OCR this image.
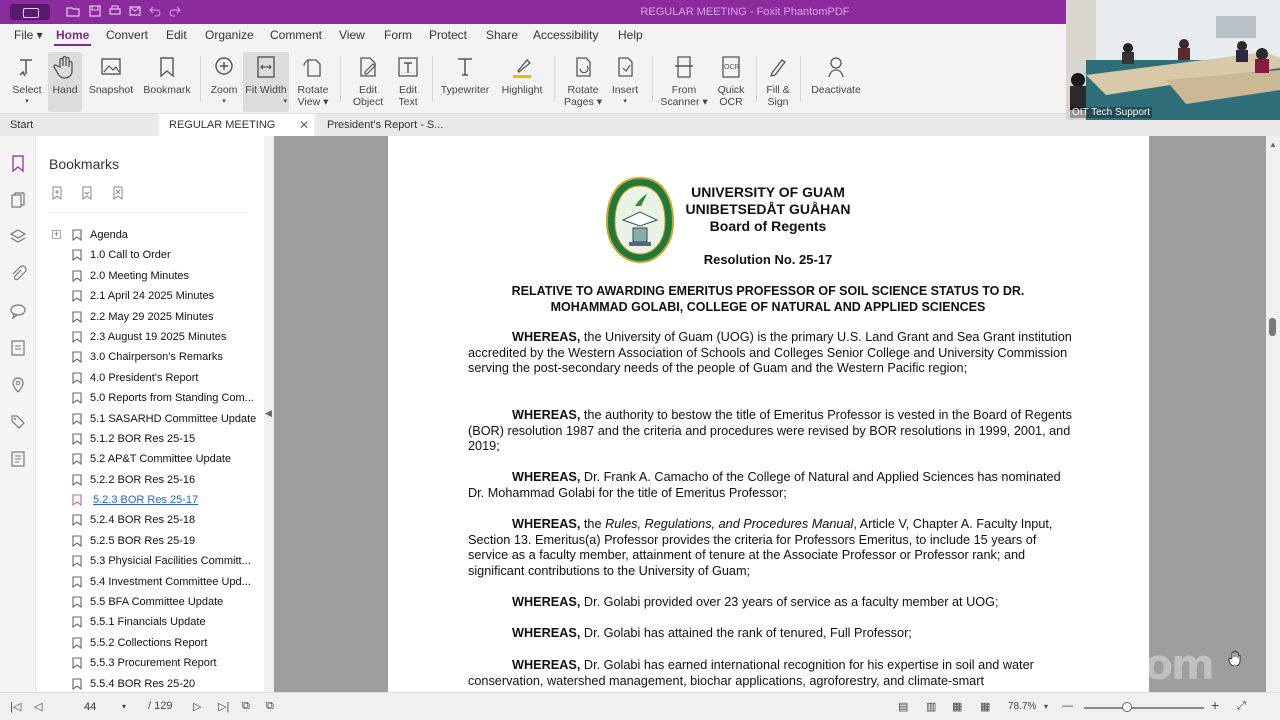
REGULAR MEETING - Foxit PhantomPDF
File ▾ Home Convert Edit Organize Comment View Form Protect Share Accessibility Help
Select
▾
Hand	Snapshot Bookmark	Zoom
▾
Fit Width
▾
Rotate
View ▾
Edit
Object
Edit
Text
Typewriter	Highlight	Rotate
Pages ▾
Insert
▾
From
Scanner ▾
OCR
Quick
OCR
Fill &
Sign
Deactivate
Start	REGULAR MEETING ✕	President's Report - S...
Bookmarks

+	Agenda
1.0 Call to Order
2.0 Meeting Minutes
2.1 April 24 2025 Minutes
2.2 May 29 2025 Minutes
2.3 August 19 2025 Minutes
3.0 Chairperson's Remarks
4.0 President's Report
5.0 Reports from Standing Com...
5.1 SASARHD Committee Update
5.1.2 BOR Res 25-15
5.2 AP&T Committee Update
5.2.2 BOR Res 25-16
5.2.3 BOR Res 25-17
5.2.4 BOR Res 25-18
5.2.5 BOR Res 25-19
5.3 Physicial Facilities Committ...
5.4 Investment Committee Upd...
5.5 BFA Committee Update
5.5.1 Financials Update
5.5.2 Collections Report
5.5.3 Procurement Report
5.5.4 BOR Res 25-20
◀
UNIVERSITY OF GUAM
UNIBETSEDÅT GUÅHAN
Board of Regents
Resolution No. 25-17
RELATIVE TO AWARDING EMERITUS PROFESSOR OF SOIL SCIENCE STATUS TO DR.
MOHAMMAD GOLABI, COLLEGE OF NATURAL AND APPLIED SCIENCES
WHEREAS, the University of Guam (UOG) is the primary U.S. Land Grant and Sea Grant institution accredited by the Western Association of Schools and Colleges Senior College and University Commission serving the post-secondary needs of the people of Guam and the Western Pacific region;
WHEREAS, the authority to bestow the title of Emeritus Professor is vested in the Board of Regents (BOR) resolution 1987 and the criteria and procedures were revised by BOR resolutions in 1999, 2001, and 2019;
WHEREAS, Dr. Frank A. Camacho of the College of Natural and Applied Sciences has nominated Dr. Mohammad Golabi for the title of Emeritus Professor;
WHEREAS, the Rules, Regulations, and Procedures Manual, Article V, Chapter A. Faculty Input, Section 13. Emeritus(a) Professor provides the criteria for Professors Emeritus, to include 15 years of service as a faculty member, attainment of tenure at the Associate Professor or Professor rank; and significant contributions to the University of Guam;
WHEREAS, Dr. Golabi provided over 23 years of service as a faculty member at UOG;
WHEREAS, Dr. Golabi has attained the rank of tenured, Full Professor;
WHEREAS, Dr. Golabi has earned international recognition for his expertise in soil and water conservation, watershed management, biochar applications, agroforestry, and climate-smart
▲
|◁ ◁
44	▾ / 129 ▷ ▷| ⧉ ⧉	▤ ▥ ▦ ▦ 78.7% ▾ —	+ ⤢
OIT Tech Support
zoom
